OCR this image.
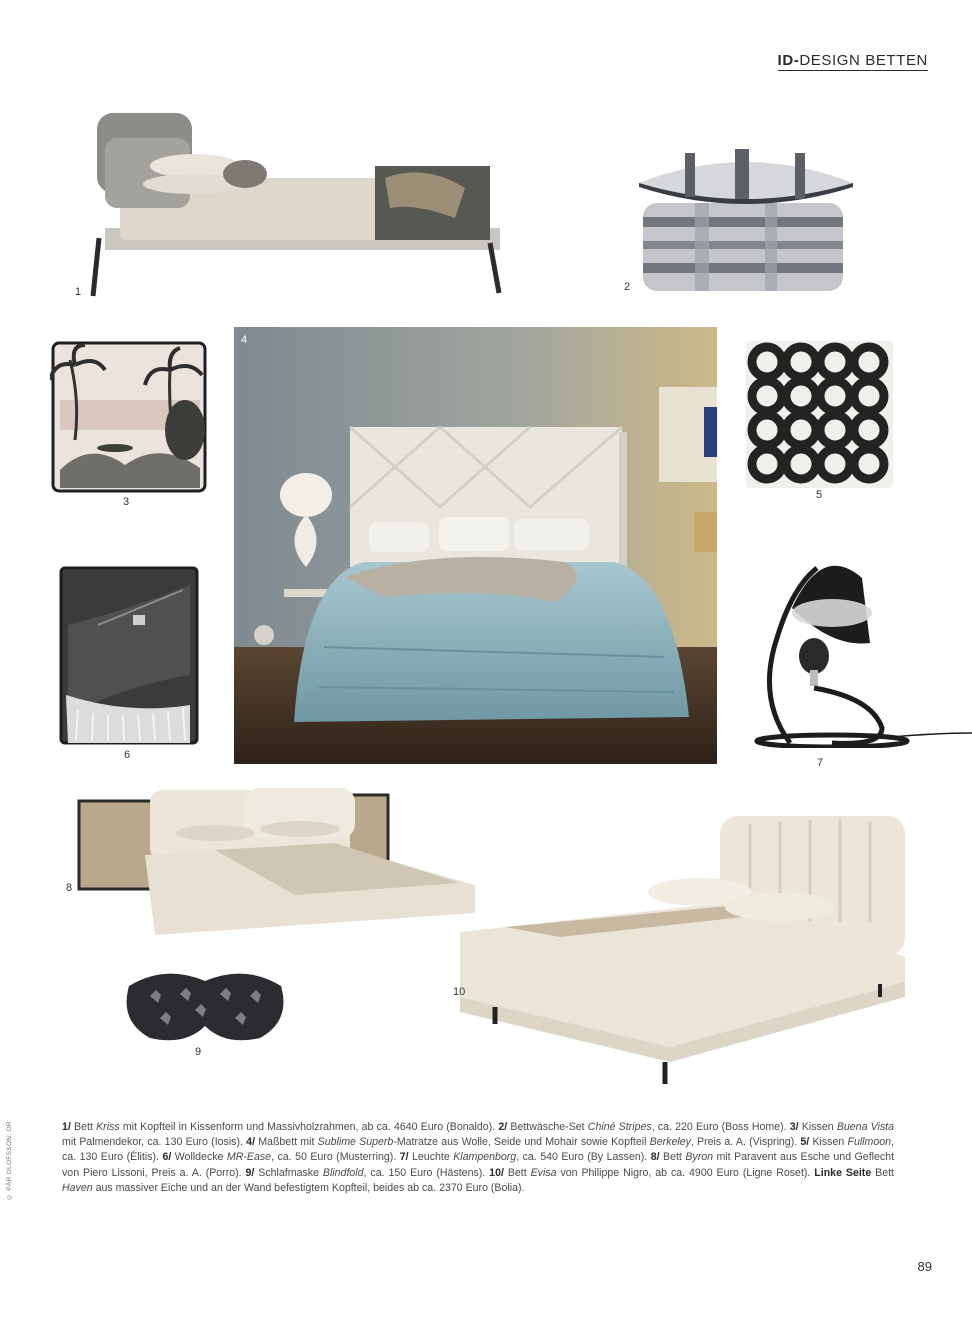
ID-DESIGN BETTEN
1	2
3
4
5
6
7
8
9
10
© PÄR OLOFSSON; OR	1/ Bett Kriss mit Kopfteil in Kissenform und Massivholzrahmen, ab ca. 4640 Euro (Bonaldo). 2/ Bettwäsche-Set Chiné Stripes, ca. 220 Euro (Boss Home). 3/ Kissen Buena Vista mit Palmendekor, ca. 130 Euro (Iosis). 4/ Maßbett mit Sublime Superb-Matratze aus Wolle, Seide und Mohair sowie Kopfteil Berkeley, Preis a. A. (Vispring). 5/ Kissen Fullmoon, ca. 130 Euro (Élitis). 6/ Wolldecke MR-Ease, ca. 50 Euro (Musterring). 7/ Leuchte Klampenborg, ca. 540 Euro (By Lassen). 8/ Bett Byron mit Paravent aus Esche und Geflecht von Piero Lissoni, Preis a. A. (Porro). 9/ Schlafmaske Blindfold, ca. 150 Euro (Hästens). 10/ Bett Evisa von Philippe Nigro, ab ca. 4900 Euro (Ligne Roset). Linke Seite Bett Haven aus massiver Eiche und an der Wand befestigtem Kopfteil, beides ab ca. 2370 Euro (Bolia).
89
